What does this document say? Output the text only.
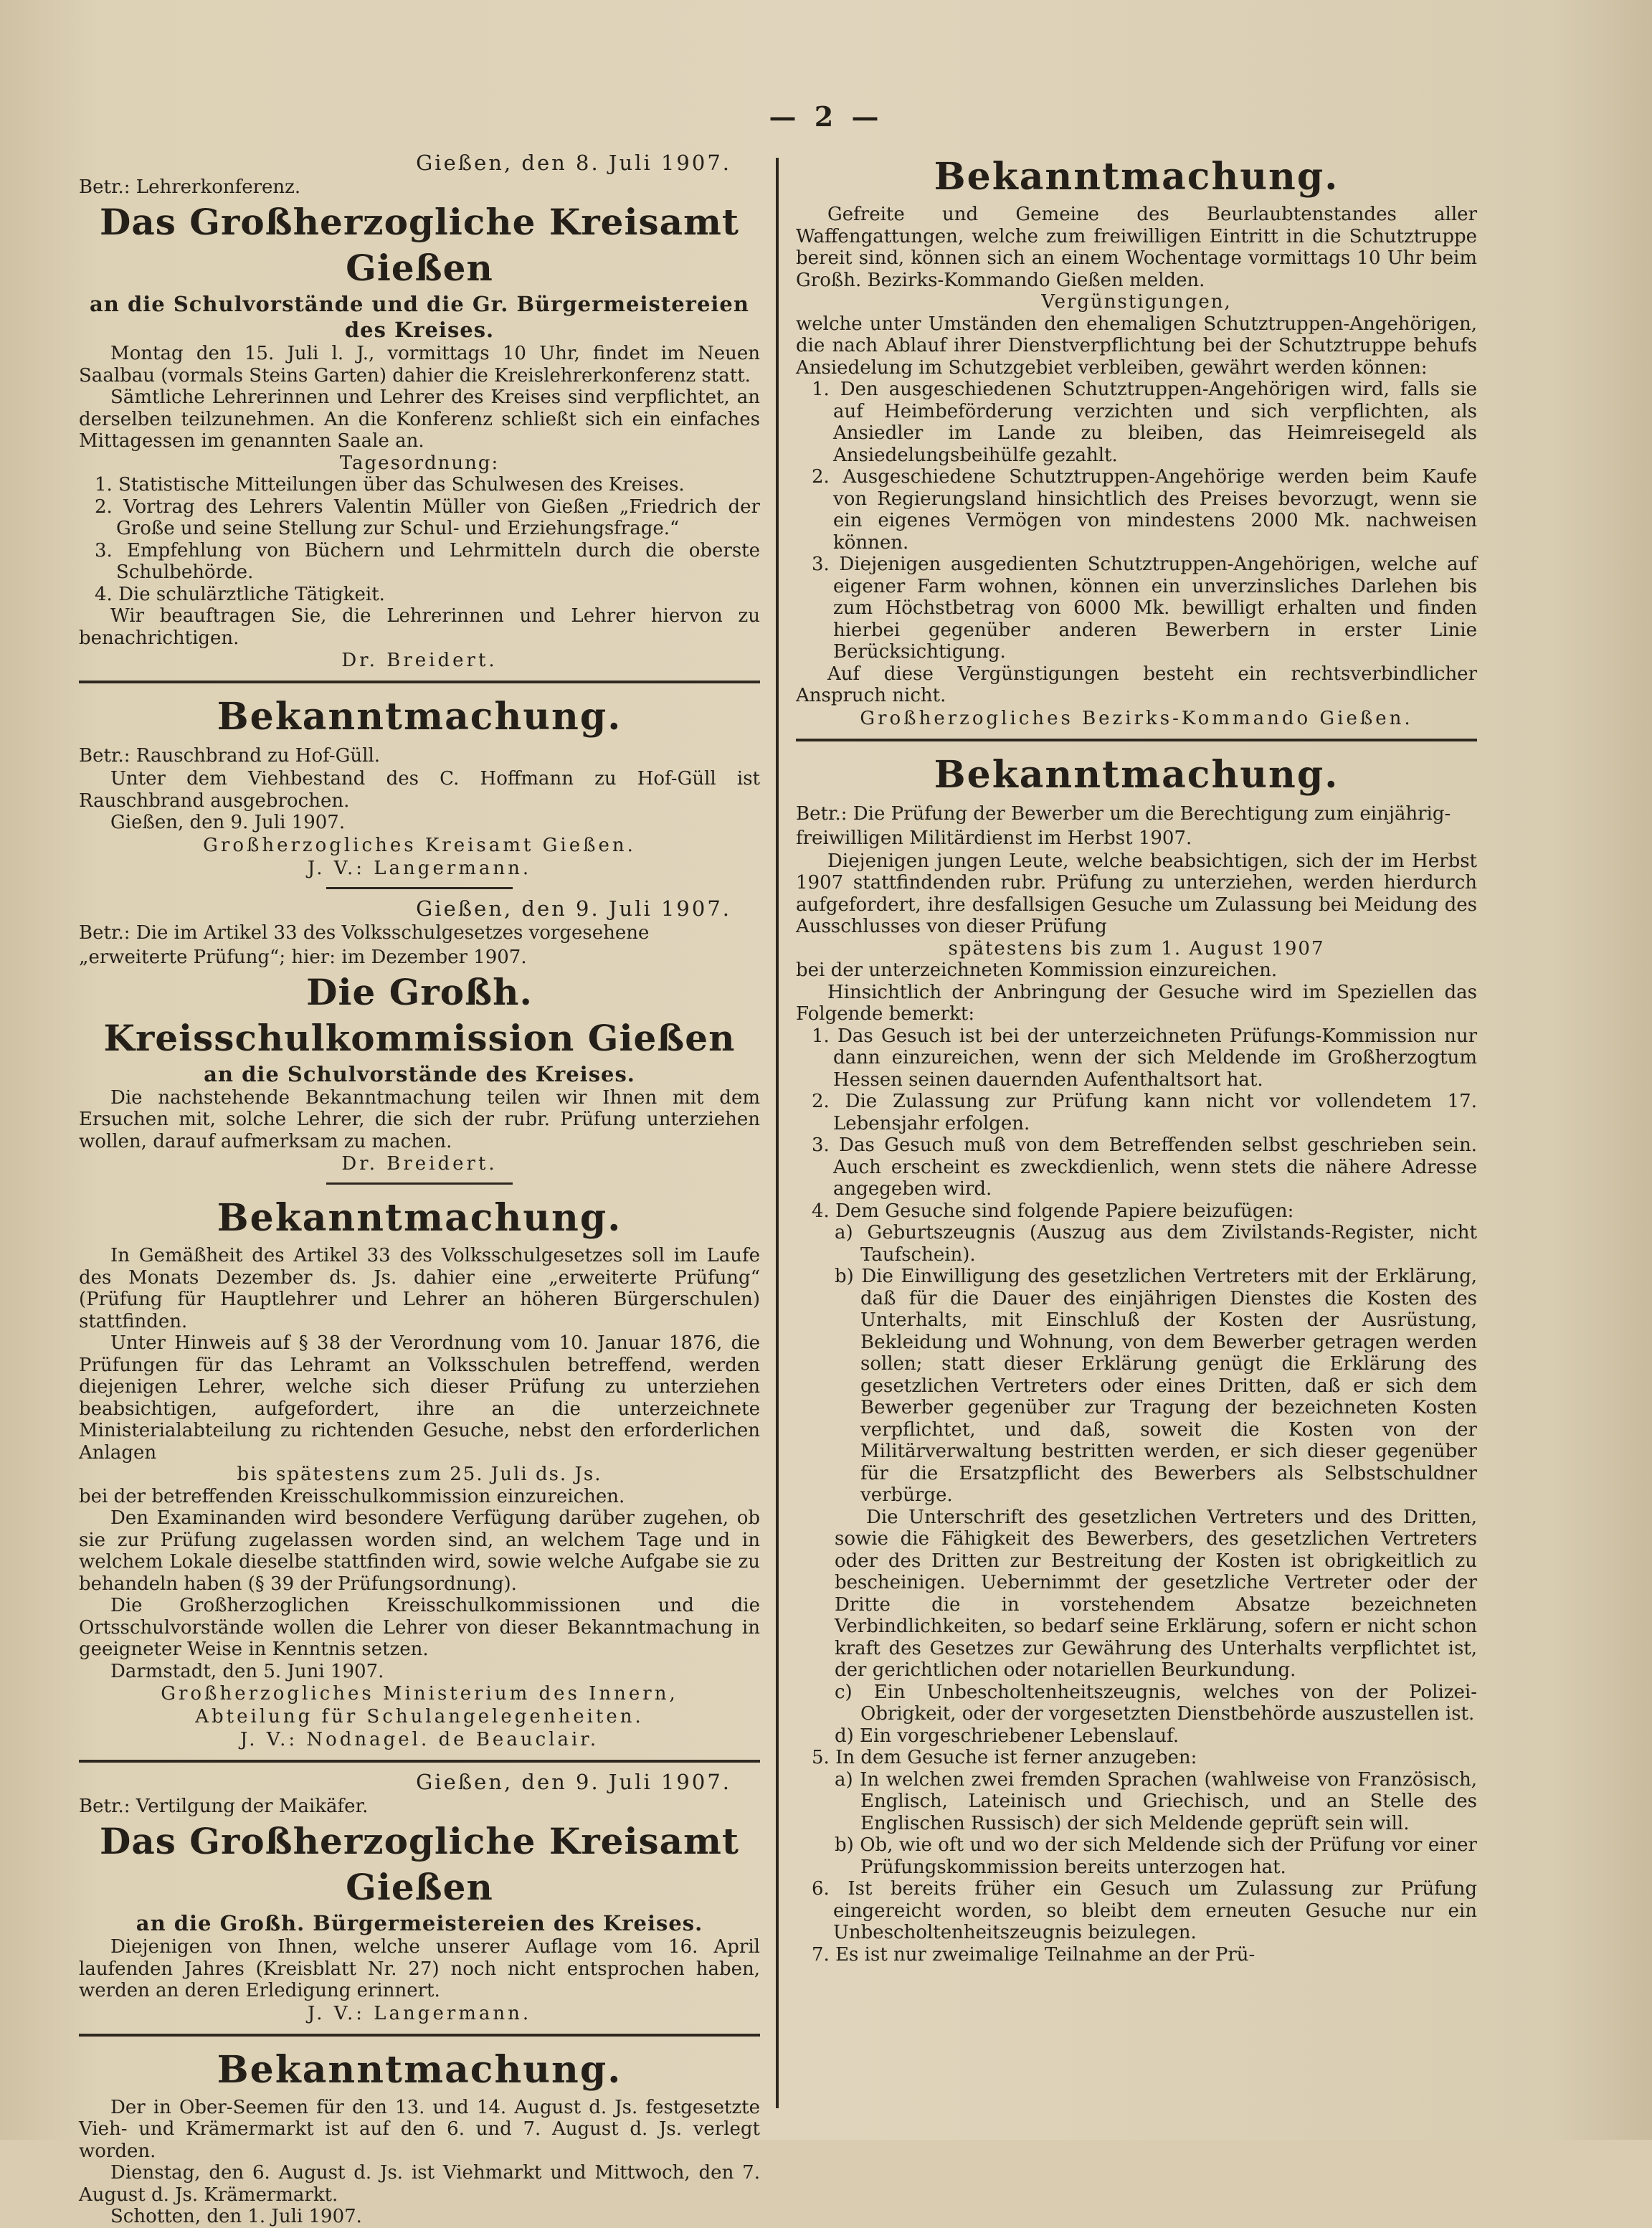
— 2 —
Gießen, den 8. Juli 1907.
Betr.: Lehrerkonferenz.
Das Großherzogliche Kreisamt Gießen
an die Schulvorstände und die Gr. Bürgermeistereien des Kreises.

Montag den 15. Juli l. J., vormittags 10 Uhr, findet im Neuen Saalbau (vormals Steins Garten) dahier die Kreislehrerkonferenz statt.

Sämtliche Lehrerinnen und Lehrer des Kreises sind verpflichtet, an derselben teilzunehmen. An die Konferenz schließt sich ein einfaches Mittagessen im genannten Saale an.

Tagesordnung:

1. Statistische Mitteilungen über das Schulwesen des Kreises.

2. Vortrag des Lehrers Valentin Müller von Gießen „Friedrich der Große und seine Stellung zur Schul- und Erziehungsfrage.“

3. Empfehlung von Büchern und Lehrmitteln durch die oberste Schulbehörde.

4. Die schulärztliche Tätigkeit.

Wir beauftragen Sie, die Lehrerinnen und Lehrer hiervon zu benachrichtigen.

Dr. Breidert.
Bekanntmachung.
Betr.: Rauschbrand zu Hof-Güll.

Unter dem Viehbestand des C. Hoffmann zu Hof-Güll ist Rauschbrand ausgebrochen.

Gießen, den 9. Juli 1907.

Großherzogliches Kreisamt Gießen.
J. V.: Langermann.
Gießen, den 9. Juli 1907.
Betr.: Die im Artikel 33 des Volksschulgesetzes vorgesehene „erweiterte Prüfung“; hier: im Dezember 1907.
Die Großh. Kreisschulkommission Gießen
an die Schulvorstände des Kreises.

Die nachstehende Bekanntmachung teilen wir Ihnen mit dem Ersuchen mit, solche Lehrer, die sich der rubr. Prüfung unterziehen wollen, darauf aufmerksam zu machen.

Dr. Breidert.
Bekanntmachung.

In Gemäßheit des Artikel 33 des Volksschulgesetzes soll im Laufe des Monats Dezember ds. Js. dahier eine „erweiterte Prüfung“ (Prüfung für Hauptlehrer und Lehrer an höheren Bürgerschulen) stattfinden.

Unter Hinweis auf § 38 der Verordnung vom 10. Januar 1876, die Prüfungen für das Lehramt an Volksschulen betreffend, werden diejenigen Lehrer, welche sich dieser Prüfung zu unterziehen beabsichtigen, aufgefordert, ihre an die unterzeichnete Ministerialabteilung zu richtenden Gesuche, nebst den erforderlichen Anlagen

bis spätestens zum 25. Juli ds. Js.

bei der betreffenden Kreisschulkommission einzureichen.

Den Examinanden wird besondere Verfügung darüber zugehen, ob sie zur Prüfung zugelassen worden sind, an welchem Tage und in welchem Lokale dieselbe stattfinden wird, sowie welche Aufgabe sie zu behandeln haben (§ 39 der Prüfungsordnung).

Die Großherzoglichen Kreisschulkommissionen und die Ortsschulvorstände wollen die Lehrer von dieser Bekanntmachung in geeigneter Weise in Kenntnis setzen.

Darmstadt, den 5. Juni 1907.

Großherzogliches Ministerium des Innern,
Abteilung für Schulangelegenheiten.
J. V.: Nodnagel. de Beauclair.
Gießen, den 9. Juli 1907.
Betr.: Vertilgung der Maikäfer.
Das Großherzogliche Kreisamt Gießen
an die Großh. Bürgermeistereien des Kreises.

Diejenigen von Ihnen, welche unserer Auflage vom 16. April laufenden Jahres (Kreisblatt Nr. 27) noch nicht entsprochen haben, werden an deren Erledigung erinnert.

J. V.: Langermann.
Bekanntmachung.

Der in Ober-Seemen für den 13. und 14. August d. Js. festgesetzte Vieh- und Krämermarkt ist auf den 6. und 7. August d. Js. verlegt worden.

Dienstag, den 6. August d. Js. ist Viehmarkt und Mittwoch, den 7. August d. Js. Krämermarkt.

Schotten, den 1. Juli 1907.

Bekanntmachung.

Gefreite und Gemeine des Beurlaubtenstandes aller Waffengattungen, welche zum freiwilligen Eintritt in die Schutztruppe bereit sind, können sich an einem Wochentage vormittags 10 Uhr beim Großh. Bezirks-Kommando Gießen melden.

Vergünstigungen,

welche unter Umständen den ehemaligen Schutztruppen-Angehörigen, die nach Ablauf ihrer Dienstverpflichtung bei der Schutztruppe behufs Ansiedelung im Schutzgebiet verbleiben, gewährt werden können:

1. Den ausgeschiedenen Schutztruppen-Angehörigen wird, falls sie auf Heimbeförderung verzichten und sich verpflichten, als Ansiedler im Lande zu bleiben, das Heimreisegeld als Ansiedelungsbeihülfe gezahlt.

2. Ausgeschiedene Schutztruppen-Angehörige werden beim Kaufe von Regierungsland hinsichtlich des Preises bevorzugt, wenn sie ein eigenes Vermögen von mindestens 2000 Mk. nachweisen können.

3. Diejenigen ausgedienten Schutztruppen-Angehörigen, welche auf eigener Farm wohnen, können ein unverzinsliches Darlehen bis zum Höchstbetrag von 6000 Mk. bewilligt erhalten und finden hierbei gegenüber anderen Bewerbern in erster Linie Berücksichtigung.

Auf diese Vergünstigungen besteht ein rechtsverbindlicher Anspruch nicht.

Großherzogliches Bezirks-Kommando Gießen.
Bekanntmachung.
Betr.: Die Prüfung der Bewerber um die Berechtigung zum einjährig-freiwilligen Militärdienst im Herbst 1907.

Diejenigen jungen Leute, welche beabsichtigen, sich der im Herbst 1907 stattfindenden rubr. Prüfung zu unterziehen, werden hierdurch aufgefordert, ihre desfallsigen Gesuche um Zulassung bei Meidung des Ausschlusses von dieser Prüfung

spätestens bis zum 1. August 1907

bei der unterzeichneten Kommission einzureichen.

Hinsichtlich der Anbringung der Gesuche wird im Speziellen das Folgende bemerkt:

1. Das Gesuch ist bei der unterzeichneten Prüfungs-Kommission nur dann einzureichen, wenn der sich Meldende im Großherzogtum Hessen seinen dauernden Aufenthaltsort hat.

2. Die Zulassung zur Prüfung kann nicht vor vollendetem 17. Lebensjahr erfolgen.

3. Das Gesuch muß von dem Betreffenden selbst geschrieben sein. Auch erscheint es zweckdienlich, wenn stets die nähere Adresse angegeben wird.

4. Dem Gesuche sind folgende Papiere beizufügen:

a) Geburtszeugnis (Auszug aus dem Zivilstands-Register, nicht Taufschein).

b) Die Einwilligung des gesetzlichen Vertreters mit der Erklärung, daß für die Dauer des einjährigen Dienstes die Kosten des Unterhalts, mit Einschluß der Kosten der Ausrüstung, Bekleidung und Wohnung, von dem Bewerber getragen werden sollen; statt dieser Erklärung genügt die Erklärung des gesetzlichen Vertreters oder eines Dritten, daß er sich dem Bewerber gegenüber zur Tragung der bezeichneten Kosten verpflichtet, und daß, soweit die Kosten von der Militärverwaltung bestritten werden, er sich dieser gegenüber für die Ersatzpflicht des Bewerbers als Selbstschuldner verbürge.

Die Unterschrift des gesetzlichen Vertreters und des Dritten, sowie die Fähigkeit des Bewerbers, des gesetzlichen Vertreters oder des Dritten zur Bestreitung der Kosten ist obrigkeitlich zu bescheinigen. Uebernimmt der gesetzliche Vertreter oder der Dritte die in vorstehendem Absatze bezeichneten Verbindlichkeiten, so bedarf seine Erklärung, sofern er nicht schon kraft des Gesetzes zur Gewährung des Unterhalts verpflichtet ist, der gerichtlichen oder notariellen Beurkundung.

c) Ein Unbescholtenheitszeugnis, welches von der Polizei-Obrigkeit, oder der vorgesetzten Dienstbehörde auszustellen ist.

d) Ein vorgeschriebener Lebenslauf.

5. In dem Gesuche ist ferner anzugeben:

a) In welchen zwei fremden Sprachen (wahlweise von Französisch, Englisch, Lateinisch und Griechisch, und an Stelle des Englischen Russisch) der sich Meldende geprüft sein will.

b) Ob, wie oft und wo der sich Meldende sich der Prüfung vor einer Prüfungskommission bereits unterzogen hat.

6. Ist bereits früher ein Gesuch um Zulassung zur Prüfung eingereicht worden, so bleibt dem erneuten Gesuche nur ein Unbescholtenheitszeugnis beizulegen.

7. Es ist nur zweimalige Teilnahme an der Prü-
